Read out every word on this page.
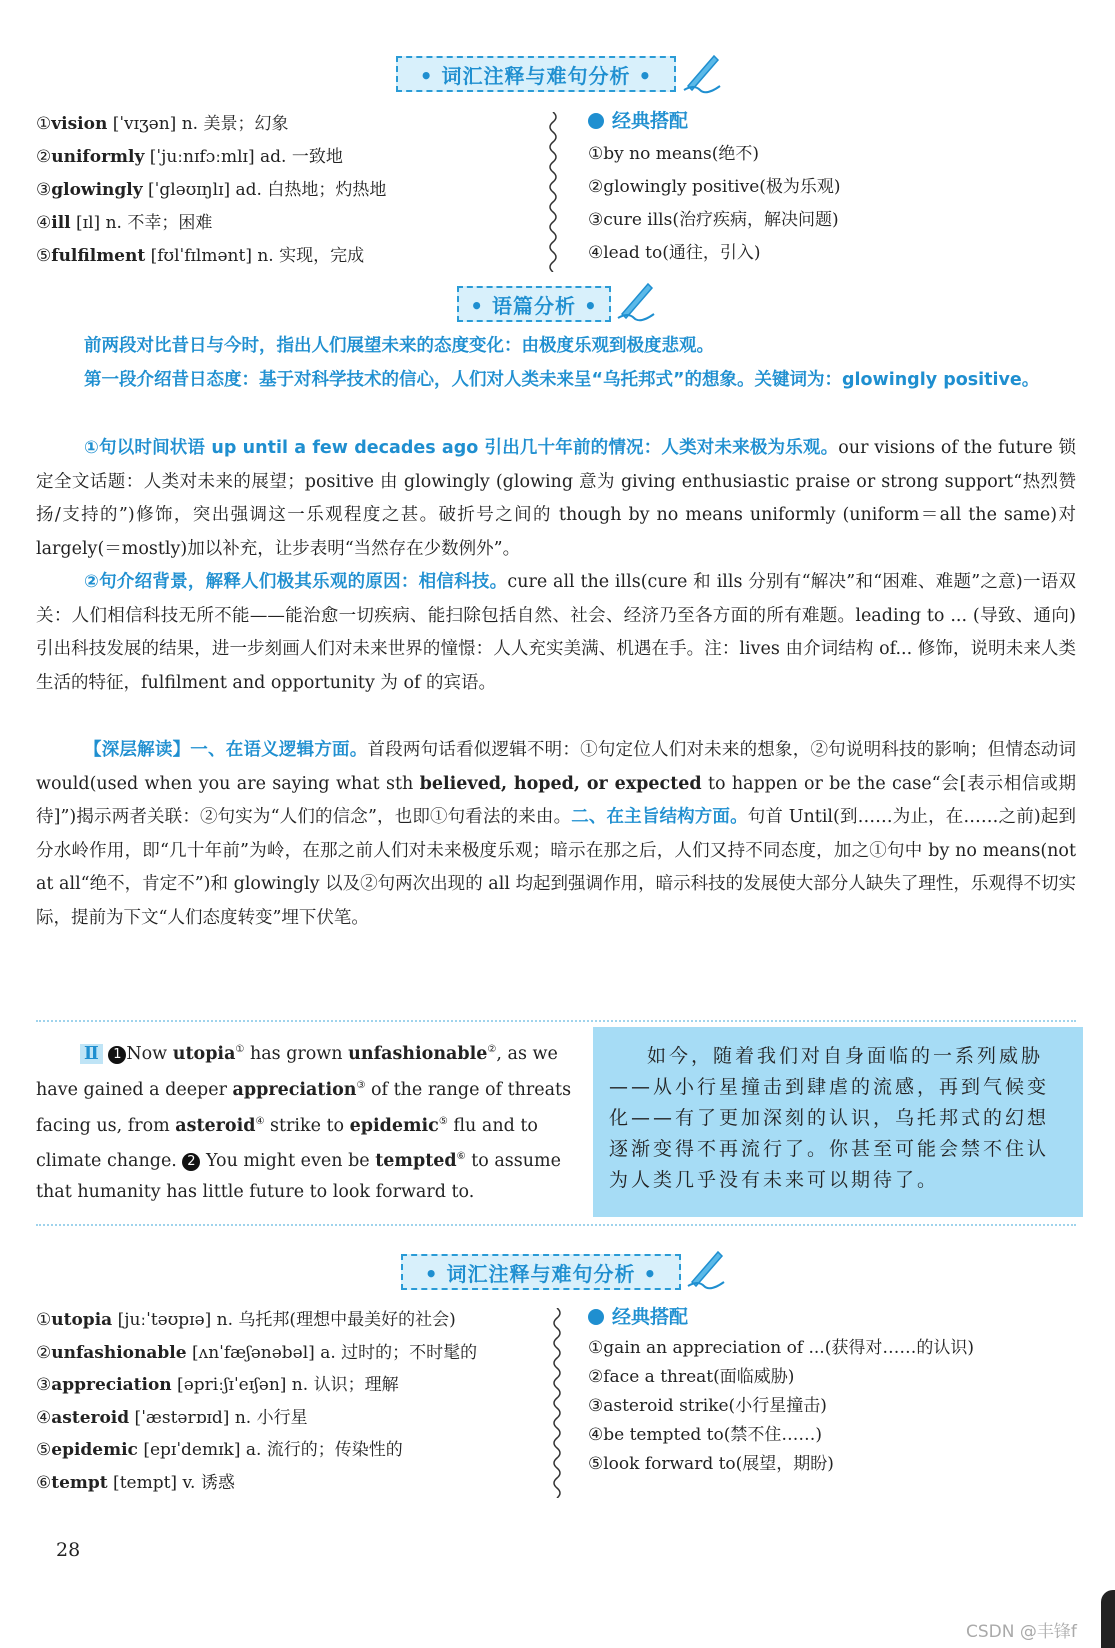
• 词汇注释与难句分析 •
①vision [ˈvɪʒən] n. 美景；幻象
②uniformly [ˈjuːnɪfɔːmlɪ] ad. 一致地
③glowingly [ˈgləʊɪŋlɪ] ad. 白热地；灼热地
④ill [ɪl] n. 不幸；困难
⑤fulfilment [fʊlˈfɪlmənt] n. 实现，完成
经典搭配
①by no means(绝不)
②glowingly positive(极为乐观)
③cure ills(治疗疾病，解决问题)
④lead to(通往，引入)
• 语篇分析 •
前两段对比昔日与今时，指出人们展望未来的态度变化：由极度乐观到极度悲观。
第一段介绍昔日态度：基于对科学技术的信心，人们对人类未来呈“乌托邦式”的想象。关键词为：glowingly positive。
①句以时间状语 up until a few decades ago 引出几十年前的情况：人类对未来极为乐观。our visions of the future 锁定全文话题：人类对未来的展望；positive 由 glowingly (glowing 意为 giving enthusiastic praise or strong support“热烈赞扬/支持的”)修饰，突出强调这一乐观程度之甚。破折号之间的 though by no means uniformly (uniform＝all the same)对 largely(＝mostly)加以补充，让步表明“当然存在少数例外”。
②句介绍背景，解释人们极其乐观的原因：相信科技。cure all the ills(cure 和 ills 分别有“解决”和“困难、难题”之意)一语双关：人们相信科技无所不能——能治愈一切疾病、能扫除包括自然、社会、经济乃至各方面的所有难题。leading to ... (导致、通向)引出科技发展的结果，进一步刻画人们对未来世界的憧憬：人人充实美满、机遇在手。注：lives 由介词结构 of... 修饰，说明未来人类生活的特征，fulfilment and opportunity 为 of 的宾语。
【深层解读】一、在语义逻辑方面。首段两句话看似逻辑不明：①句定位人们对未来的想象，②句说明科技的影响；但情态动词 would(used when you are saying what sth believed, hoped, or expected to happen or be the case“会[表示相信或期待]”)揭示两者关联：②句实为“人们的信念”，也即①句看法的来由。二、在主旨结构方面。句首 Until(到……为止，在……之前)起到分水岭作用，即“几十年前”为岭，在那之前人们对未来极度乐观；暗示在那之后，人们又持不同态度，加之①句中 by no means(not at all“绝不，肯定不”)和 glowingly 以及②句两次出现的 all 均起到强调作用，暗示科技的发展使大部分人缺失了理性，乐观得不切实际，提前为下文“人们态度转变”埋下伏笔。
Ⅱ 1 Now utopia① has grown unfashionable②, as we have gained a deeper appreciation③ of the range of threats facing us, from asteroid④ strike to epidemic⑤ flu and to climate change. 2 You might even be tempted⑥ to assume that humanity has little future to look forward to.
如今，随着我们对自身面临的一系列威胁——从小行星撞击到肆虐的流感，再到气候变化——有了更加深刻的认识，乌托邦式的幻想逐渐变得不再流行了。你甚至可能会禁不住认为人类几乎没有未来可以期待了。
• 词汇注释与难句分析 •
①utopia [juːˈtəʊpɪə] n. 乌托邦(理想中最美好的社会)
②unfashionable [ʌnˈfæʃənəbəl] a. 过时的；不时髦的
③appreciation [əpriːʃɪˈeɪʃən] n. 认识；理解
④asteroid [ˈæstərɒɪd] n. 小行星
⑤epidemic [epɪˈdemɪk] a. 流行的；传染性的
⑥tempt [tempt] v. 诱惑
经典搭配
①gain an appreciation of ...(获得对……的认识)
②face a threat(面临威胁)
③asteroid strike(小行星撞击)
④be tempted to(禁不住……)
⑤look forward to(展望，期盼)
28
CSDN @丰锋f
